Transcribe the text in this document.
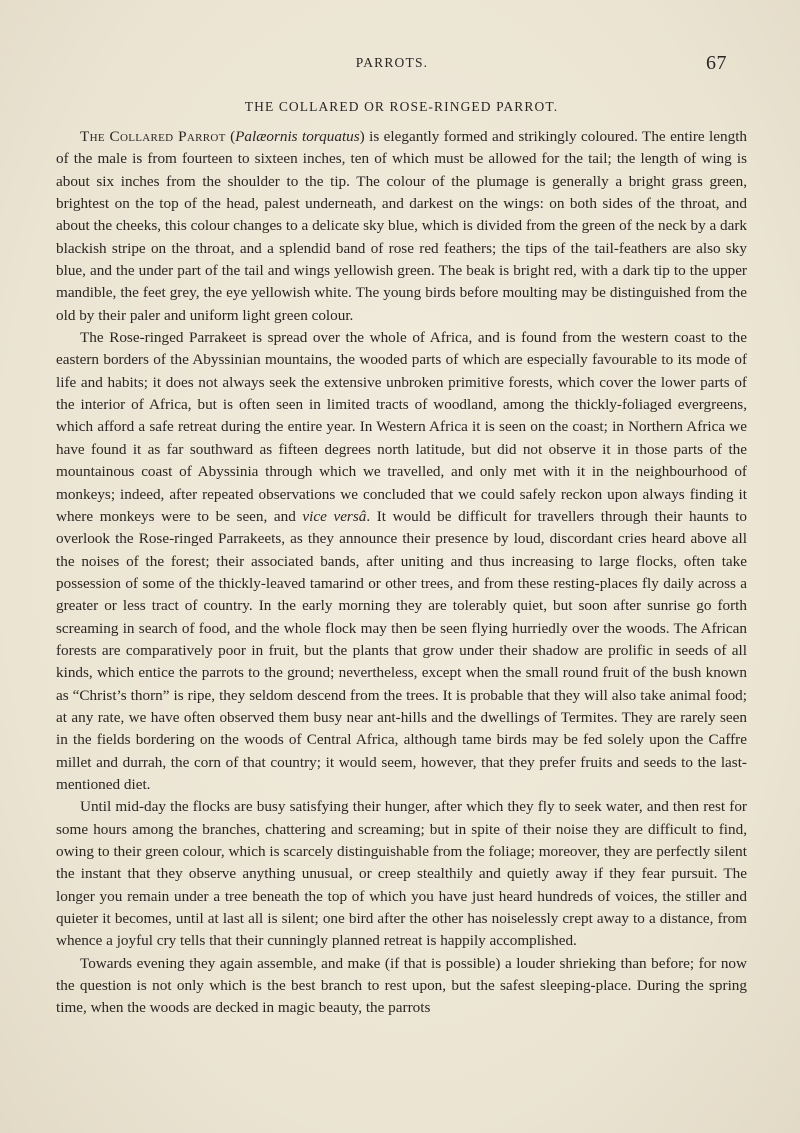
PARROTS.	67
THE COLLARED OR ROSE-RINGED PARROT.

The Collared Parrot (Palæornis torquatus) is elegantly formed and strikingly coloured. The entire length of the male is from fourteen to sixteen inches, ten of which must be allowed for the tail; the length of wing is about six inches from the shoulder to the tip. The colour of the plumage is generally a bright grass green, brightest on the top of the head, palest underneath, and darkest on the wings: on both sides of the throat, and about the cheeks, this colour changes to a delicate sky blue, which is divided from the green of the neck by a dark blackish stripe on the throat, and a splendid band of rose red feathers; the tips of the tail-feathers are also sky blue, and the under part of the tail and wings yellowish green. The beak is bright red, with a dark tip to the upper mandible, the feet grey, the eye yellowish white. The young birds before moulting may be distinguished from the old by their paler and uniform light green colour.

The Rose-ringed Parrakeet is spread over the whole of Africa, and is found from the western coast to the eastern borders of the Abyssinian mountains, the wooded parts of which are especially favourable to its mode of life and habits; it does not always seek the extensive unbroken primitive forests, which cover the lower parts of the interior of Africa, but is often seen in limited tracts of woodland, among the thickly-foliaged evergreens, which afford a safe retreat during the entire year. In Western Africa it is seen on the coast; in Northern Africa we have found it as far southward as fifteen degrees north latitude, but did not observe it in those parts of the mountainous coast of Abyssinia through which we travelled, and only met with it in the neighbourhood of monkeys; indeed, after repeated observations we concluded that we could safely reckon upon always finding it where monkeys were to be seen, and vice versâ. It would be difficult for travellers through their haunts to overlook the Rose-ringed Parrakeets, as they announce their presence by loud, discordant cries heard above all the noises of the forest; their associated bands, after uniting and thus increasing to large flocks, often take possession of some of the thickly-leaved tamarind or other trees, and from these resting-places fly daily across a greater or less tract of country. In the early morning they are tolerably quiet, but soon after sunrise go forth screaming in search of food, and the whole flock may then be seen flying hurriedly over the woods. The African forests are comparatively poor in fruit, but the plants that grow under their shadow are prolific in seeds of all kinds, which entice the parrots to the ground; nevertheless, except when the small round fruit of the bush known as “Christ’s thorn” is ripe, they seldom descend from the trees. It is probable that they will also take animal food; at any rate, we have often observed them busy near ant-hills and the dwellings of Termites. They are rarely seen in the fields bordering on the woods of Central Africa, although tame birds may be fed solely upon the Caffre millet and durrah, the corn of that country; it would seem, however, that they prefer fruits and seeds to the last-mentioned diet.

Until mid-day the flocks are busy satisfying their hunger, after which they fly to seek water, and then rest for some hours among the branches, chattering and screaming; but in spite of their noise they are difficult to find, owing to their green colour, which is scarcely distinguishable from the foliage; moreover, they are perfectly silent the instant that they observe anything unusual, or creep stealthily and quietly away if they fear pursuit. The longer you remain under a tree beneath the top of which you have just heard hundreds of voices, the stiller and quieter it becomes, until at last all is silent; one bird after the other has noiselessly crept away to a distance, from whence a joyful cry tells that their cunningly planned retreat is happily accomplished.

Towards evening they again assemble, and make (if that is possible) a louder shrieking than before; for now the question is not only which is the best branch to rest upon, but the safest sleeping-place. During the spring time, when the woods are decked in magic beauty, the parrots
